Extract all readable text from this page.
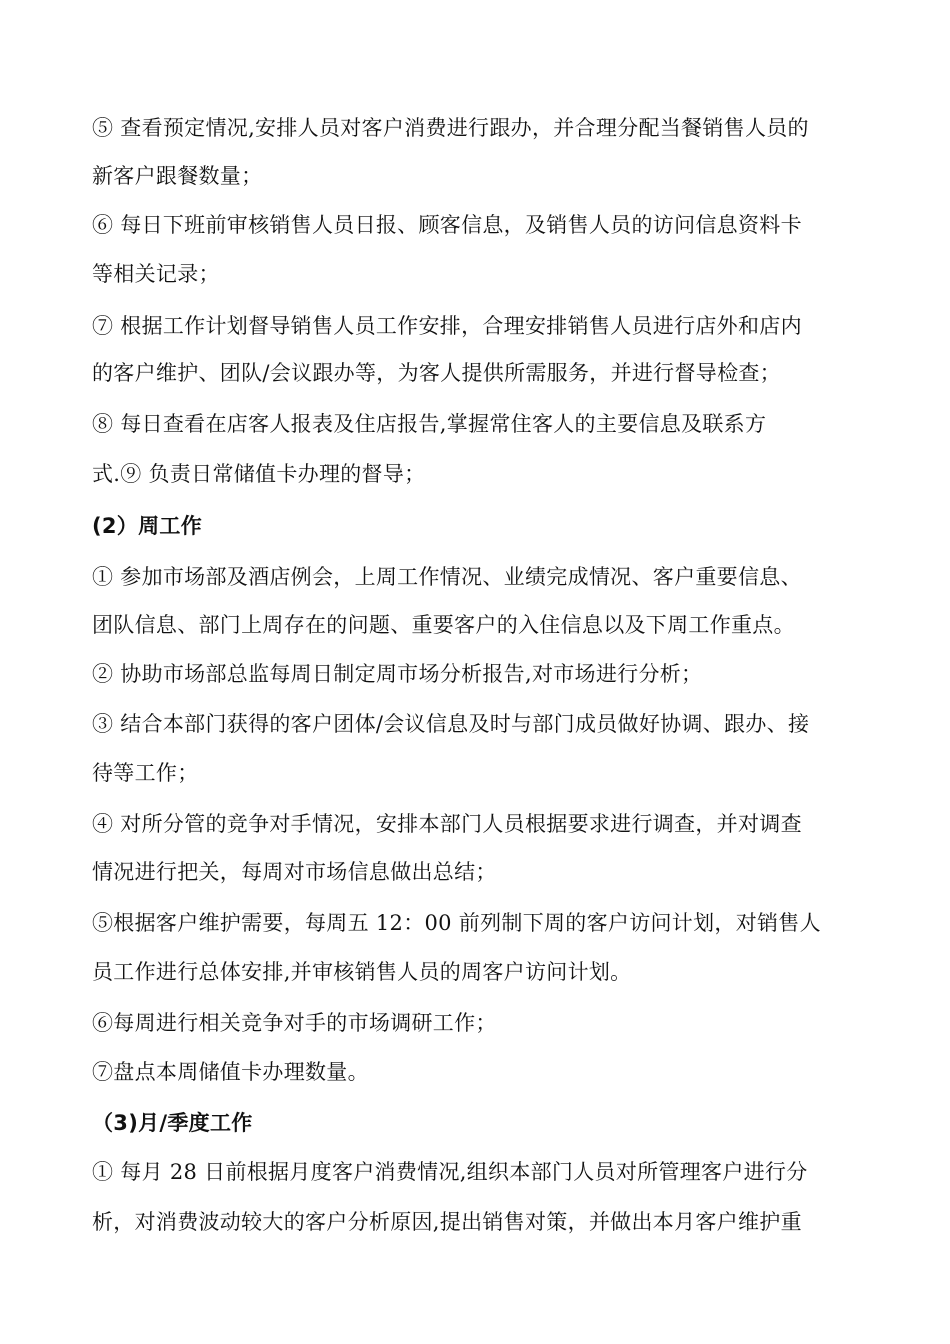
⑤ 查看预定情况,安排人员对客户消费进行跟办，并合理分配当餐销售人员的
新客户跟餐数量；
⑥ 每日下班前审核销售人员日报、顾客信息，及销售人员的访问信息资料卡
等相关记录；
⑦ 根据工作计划督导销售人员工作安排，合理安排销售人员进行店外和店内
的客户维护、团队/会议跟办等，为客人提供所需服务，并进行督导检查；
⑧ 每日查看在店客人报表及住店报告,掌握常住客人的主要信息及联系方
式.⑨ 负责日常储值卡办理的督导；
(2）周工作
① 参加市场部及酒店例会，上周工作情况、业绩完成情况、客户重要信息、
团队信息、部门上周存在的问题、重要客户的入住信息以及下周工作重点。
② 协助市场部总监每周日制定周市场分析报告,对市场进行分析；
③ 结合本部门获得的客户团体/会议信息及时与部门成员做好协调、跟办、接
待等工作；
④ 对所分管的竞争对手情况，安排本部门人员根据要求进行调查，并对调查
情况进行把关，每周对市场信息做出总结；
⑤根据客户维护需要，每周五 12：00 前列制下周的客户访问计划，对销售人
员工作进行总体安排,并审核销售人员的周客户访问计划。
⑥每周进行相关竞争对手的市场调研工作；
⑦盘点本周储值卡办理数量。
（3)月/季度工作
① 每月 28 日前根据月度客户消费情况,组织本部门人员对所管理客户进行分
析，对消费波动较大的客户分析原因,提出销售对策，并做出本月客户维护重
